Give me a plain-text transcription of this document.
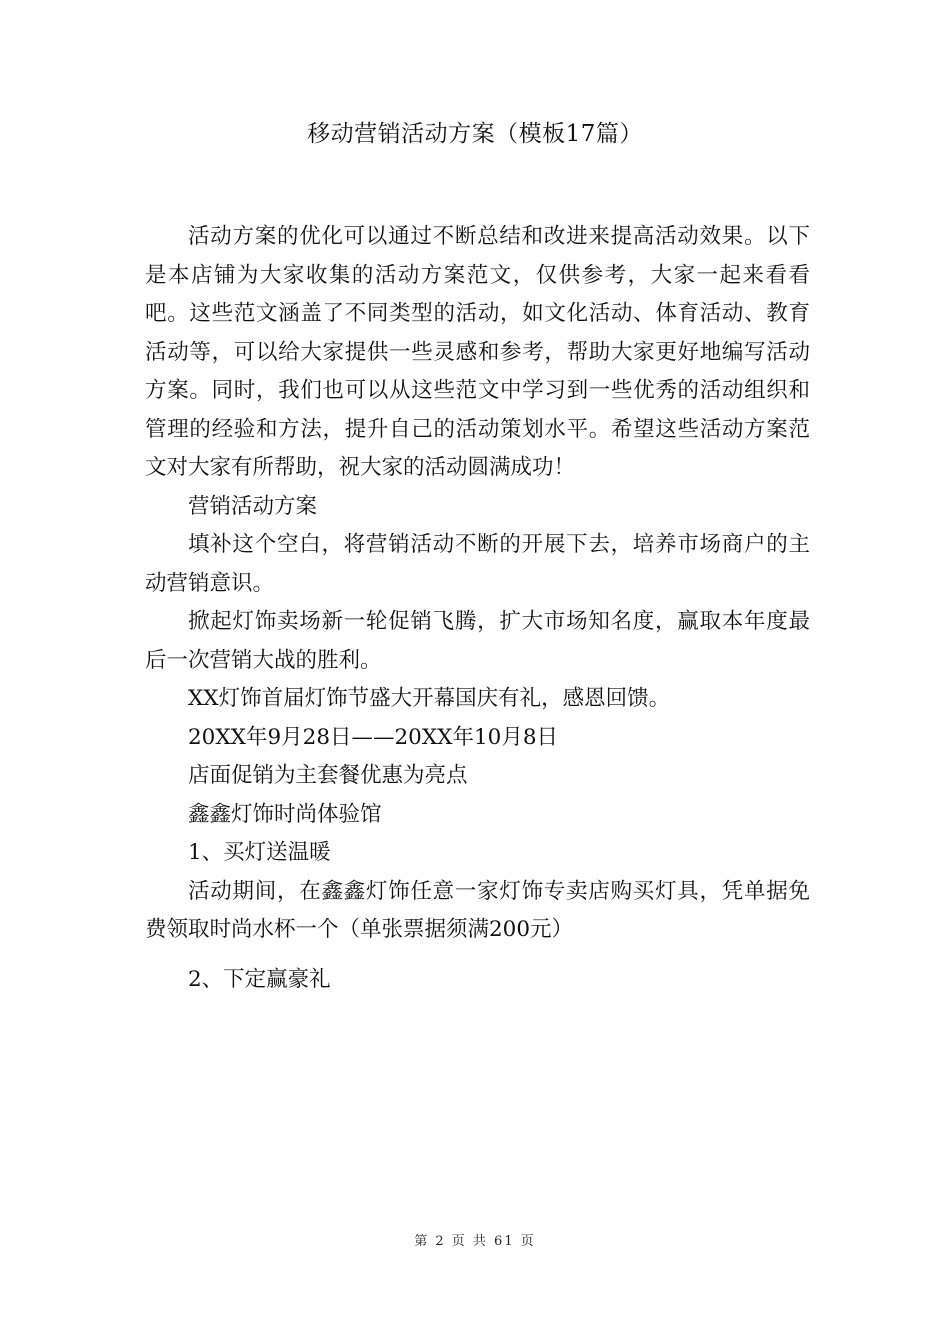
移动营销活动方案（模板17篇）

活动方案的优化可以通过不断总结和改进来提高活动效果。以下是本店铺为大家收集的活动方案范文，仅供参考，大家一起来看看吧。这些范文涵盖了不同类型的活动，如文化活动、体育活动、教育活动等，可以给大家提供一些灵感和参考，帮助大家更好地编写活动方案。同时，我们也可以从这些范文中学习到一些优秀的活动组织和管理的经验和方法，提升自己的活动策划水平。希望这些活动方案范文对大家有所帮助，祝大家的活动圆满成功！

营销活动方案

填补这个空白，将营销活动不断的开展下去，培养市场商户的主动营销意识。

掀起灯饰卖场新一轮促销飞腾，扩大市场知名度，赢取本年度最后一次营销大战的胜利。

XX灯饰首届灯饰节盛大开幕国庆有礼，感恩回馈。

20XX年9月28日——20XX年10月8日

店面促销为主套餐优惠为亮点

鑫鑫灯饰时尚体验馆

1、买灯送温暖

活动期间，在鑫鑫灯饰任意一家灯饰专卖店购买灯具，凭单据免费领取时尚水杯一个（单张票据须满200元）

2、下定赢豪礼

第 2 页 共 61 页
